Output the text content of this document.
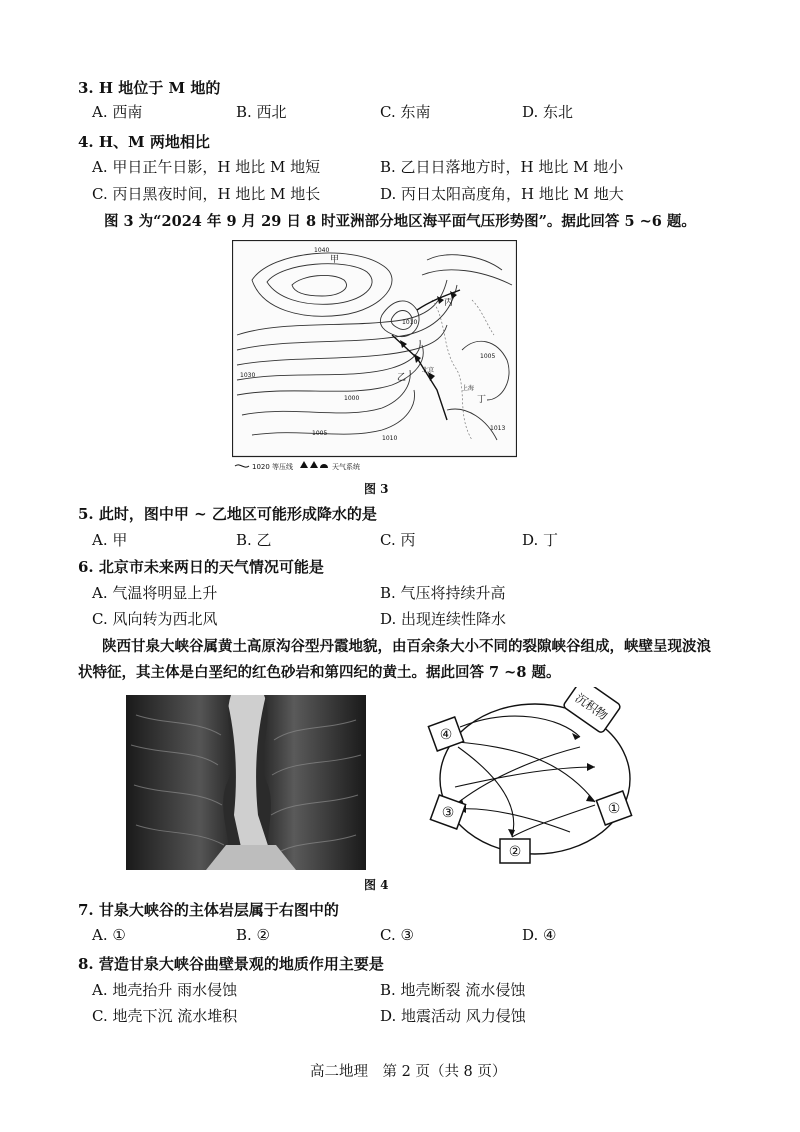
3. H 地位于 M 地的
A. 西南	B. 西北	C. 东南	D. 东北
4. H、M 两地相比
A. 甲日正午日影，H 地比 M 地短	B. 乙日日落地方时，H 地比 M 地小
C. 丙日黑夜时间，H 地比 M 地长	D. 丙日太阳高度角，H 地比 M 地大
图 3 为“2024 年 9 月 29 日 8 时亚洲部分地区海平面气压形势图”。据此回答 5 ~6 题。
甲
乙
丙
丁
1040
1030
1010
1005
1010
1013
1005
北京
上海
1000
1020 等压线	天气系统
图 3
5. 此时，图中甲 ~ 乙地区可能形成降水的是
A. 甲	B. 乙	C. 丙	D. 丁
6. 北京市未来两日的天气情况可能是
A. 气温将明显上升	B. 气压将持续升高
C. 风向转为西北风	D. 出现连续性降水
陕西甘泉大峡谷属黄土高原沟谷型丹霞地貌，由百余条大小不同的裂隙峡谷组成，峡壁呈现波浪状特征，其主体是白垩纪的红色砂岩和第四纪的黄土。据此回答 7 ~8 题。
沉积物
④
③
②
①
图 4
7. 甘泉大峡谷的主体岩层属于右图中的
A. ①	B. ②	C. ③	D. ④
8. 营造甘泉大峡谷曲壁景观的地质作用主要是
A. 地壳抬升 雨水侵蚀	B. 地壳断裂 流水侵蚀
C. 地壳下沉 流水堆积	D. 地震活动 风力侵蚀
高二地理　第 2 页（共 8 页）
